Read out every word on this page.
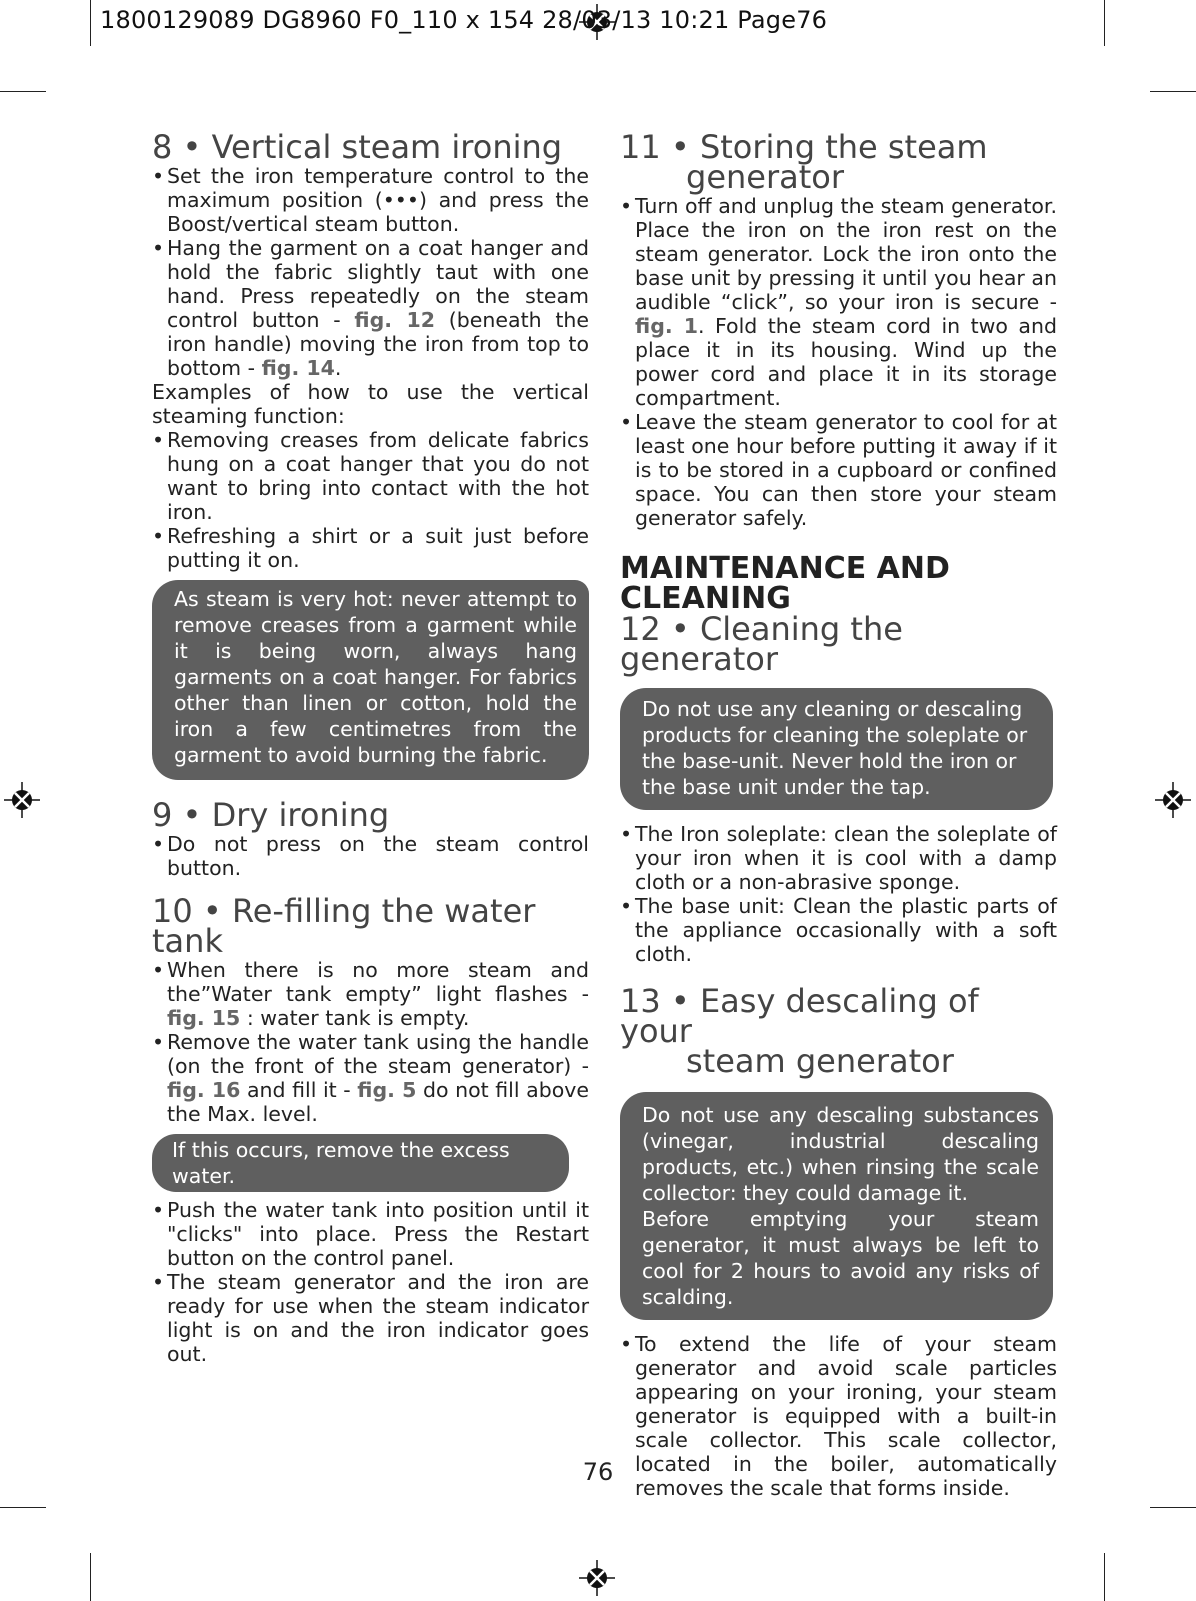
1800129089 DG8960 F0_110 x 154 28/03/13 10:21 Page76
8 • Vertical steam ironing

• Set the iron temperature control to the maximum position (•••) and press the Boost/vertical steam button.

• Hang the garment on a coat hanger and hold the fabric slightly taut with one hand. Press repeatedly on the steam control button - fig. 12 (beneath the iron handle) moving the iron from top to bottom - fig. 14.

Examples of how to use the vertical steaming function:

• Removing creases from delicate fabrics hung on a coat hanger that you do not want to bring into contact with the hot iron.

• Refreshing a shirt or a suit just before putting it on.

As steam is very hot: never attempt to remove creases from a garment while it is being worn, always hang garments on a coat hanger. For fabrics other than linen or cotton, hold the iron a few centimetres from the garment to avoid burning the fabric.

9 • Dry ironing

• Do not press on the steam control button.

10 • Re-filling the water tank

• When there is no more steam and the”Water tank empty” light flashes - fig. 15 : water tank is empty.

• Remove the water tank using the handle (on the front of the steam generator) - fig. 16 and fill it - fig. 5 do not fill above the Max. level.

If this occurs, remove the excess water.

• Push the water tank into position until it "clicks" into place. Press the Restart button on the control panel.

• The steam generator and the iron are ready for use when the steam indicator light is on and the iron indicator goes out.

11 • Storing the steam
generator

• Turn off and unplug the steam generator. Place the iron on the iron rest on the steam generator. Lock the iron onto the base unit by pressing it until you hear an audible “click”, so your iron is secure - fig. 1. Fold the steam cord in two and place it in its housing. Wind up the power cord and place it in its storage compartment.

• Leave the steam generator to cool for at least one hour before putting it away if it is to be stored in a cupboard or confined space. You can then store your steam generator safely.

MAINTENANCE AND
CLEANING
12 • Cleaning the generator

Do not use any cleaning or descaling products for cleaning the soleplate or the base-unit. Never hold the iron or the base unit under the tap.

• The Iron soleplate: clean the soleplate of your iron when it is cool with a damp cloth or a non-abrasive sponge.

• The base unit: Clean the plastic parts of the appliance occasionally with a soft cloth.

13 • Easy descaling of your
steam generator

Do not use any descaling substances (vinegar, industrial descaling products, etc.) when rinsing the scale collector: they could damage it.

Before emptying your steam generator, it must always be left to cool for 2 hours to avoid any risks of scalding.

• To extend the life of your steam generator and avoid scale particles appearing on your ironing, your steam generator is equipped with a built-in scale collector. This scale collector, located in the boiler, automatically removes the scale that forms inside.

76
